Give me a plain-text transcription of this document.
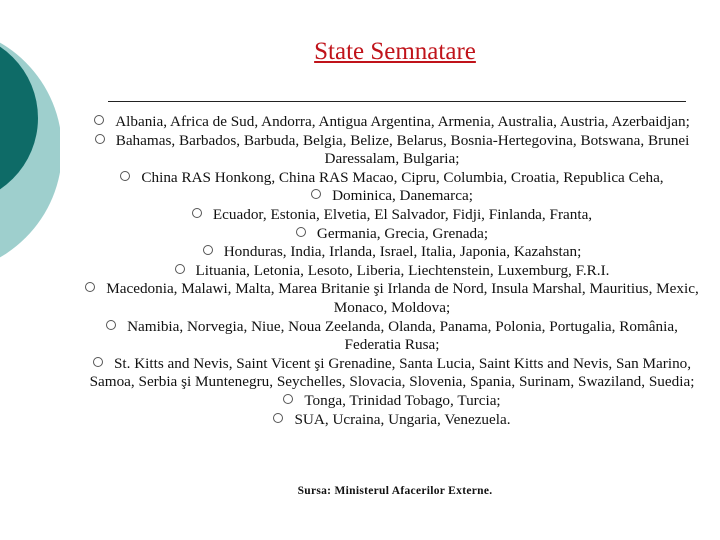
State Semnatare
Albania, Africa de Sud, Andorra, Antigua Argentina, Armenia, Australia, Austria, Azerbaidjan;
Bahamas, Barbados, Barbuda, Belgia, Belize, Belarus, Bosnia-Hertegovina, Botswana, Brunei Daressalam, Bulgaria;
China RAS Honkong, China RAS Macao, Cipru, Columbia, Croatia, Republica Ceha,
Dominica, Danemarca;
Ecuador, Estonia, Elvetia, El Salvador, Fidji, Finlanda, Franta,
Germania, Grecia, Grenada;
Honduras, India, Irlanda, Israel, Italia, Japonia, Kazahstan;
Lituania, Letonia, Lesoto, Liberia, Liechtenstein, Luxemburg, F.R.I.
Macedonia, Malawi, Malta, Marea Britanie şi Irlanda de Nord, Insula Marshal, Mauritius, Mexic, Monaco, Moldova;
Namibia, Norvegia, Niue, Noua Zeelanda, Olanda, Panama, Polonia, Portugalia, România, Federatia Rusa;
St. Kitts and Nevis, Saint Vicent şi Grenadine, Santa Lucia, Saint Kitts and Nevis, San Marino, Samoa, Serbia şi Muntenegru, Seychelles, Slovacia, Slovenia, Spania, Surinam, Swaziland, Suedia;
Tonga, Trinidad Tobago, Turcia;
SUA, Ucraina, Ungaria, Venezuela.
Sursa: Ministerul Afacerilor Externe.
